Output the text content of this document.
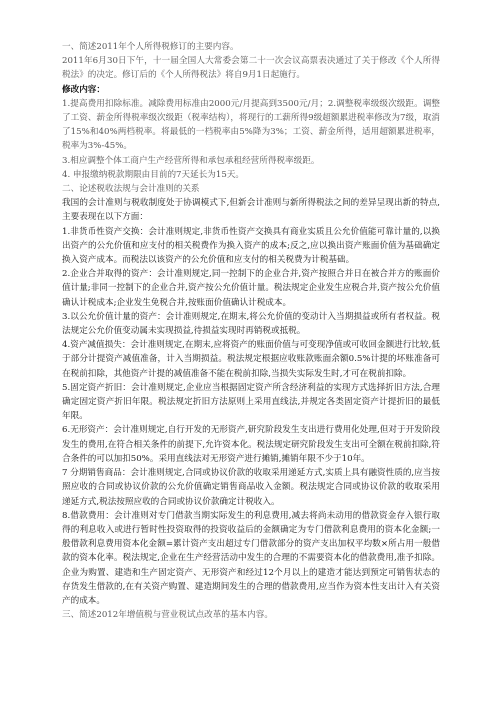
一、简述2011年个人所得税修订的主要内容。

2011年6月30日下午，十一届全国人大常委会第二十一次会议高票表决通过了关于修改《个人所得税法》的决定。修订后的《个人所得税法》将自9月1日起施行。

修改内容：

1.提高费用扣除标准。减除费用标准由2000元/月提高到3500元/月；2.调整税率级级次级距。调整了工资、薪金所得税率级次级距（税率结构），将现行的工薪所得9级超额累进税率修改为7级，取消了15%和40%两档税率。将最低的一档税率由5%降为3%；工资、薪金所得，适用超额累进税率，税率为3%-45%。

3.相应调整个体工商户生产经营所得和承包承租经营所得税率级距。

4. 申报缴纳税款期限由目前的7天延长为15天。

二、论述税收法规与会计准则的关系

我国的会计准则与税收制度处于协调模式下,但新会计准则与新所得税法之间的差异呈现出新的特点,主要表现在以下方面：

1.非货币性资产交换：会计准则规定,非货币性资产交换具有商业实质且公允价值能可靠计量的,以换出资产的公允价值和应支付的相关税费作为换入资产的成本;反之,应以换出资产账面价值为基础确定换入资产成本。而税法以该资产的公允价值和应支付的相关税费为计税基础。

2.企业合并取得的资产：会计准则规定,同一控制下的企业合并,资产按照合并日在被合并方的账面价值计量;非同一控制下的企业合并,资产按公允价值计量。税法规定企业发生应税合并,资产按公允价值确认计税成本;企业发生免税合并,按账面价值确认计税成本。

3.以公允价值计量的资产：会计准则规定,在期末,将公允价值的变动计入当期损益或所有者权益。税法规定公允价值变动属未实现损益,待损益实现时再销税或抵税。

4.资产减值损失：会计准则规定,在期末,应将资产的账面价值与可变现净值或可收回金额进行比较,低于部分计提资产减值准备，计入当期损益。税法规定根据应收账款账面余额0.5%计提的坏账准备可在税前扣除，其他资产计提的减值准备不能在税前扣除,当损失实际发生时,才可在税前扣除。

5.固定资产折旧：会计准则规定,企业应当根据固定资产所含经济利益的实现方式选择折旧方法,合理确定固定资产折旧年限。税法规定折旧方法原则上采用直线法,并规定各类固定资产计提折旧的最低年限。

6.无形资产：会计准则规定,自行开发的无形资产,研究阶段发生支出进行费用化处理,但对于开发阶段发生的费用,在符合相关条件的前提下,允许资本化。税法规定研究阶段发生支出可全额在税前扣除,符合条件的可以加扣50%。采用直线法对无形资产进行摊销,摊销年限不少于10年。

7 分期销售商品：会计准则规定,合同或协议价款的收取采用递延方式,实质上具有融资性质的,应当按照应收的合同或协议价款的公允价值确定销售商品收入金额。税法规定合同或协议价款的收取采用递延方式,税法按照应收的合同或协议价款确定计税收入。

8.借款费用：会计准则对专门借款当期实际发生的利息费用,减去将尚未动用的借款资金存入银行取得的利息收入或进行暂时性投资取得的投资收益后的金额确定为专门借款利息费用的资本化金额;一般借款利息费用资本化金额=累计资产支出超过专门借款部分的资产支出加权平均数×所占用一般借款的资本化率。税法规定,企业在生产经营活动中发生的合理的不需要资本化的借款费用,准予扣除。企业为购置、建造和生产固定资产、无形资产和经过12个月以上的建造才能达到预定可销售状态的存货发生借款的,在有关资产购置、建造期间发生的合理的借款费用,应当作为资本性支出计入有关资产的成本。

三、简述2012年增值税与营业税试点改革的基本内容。
